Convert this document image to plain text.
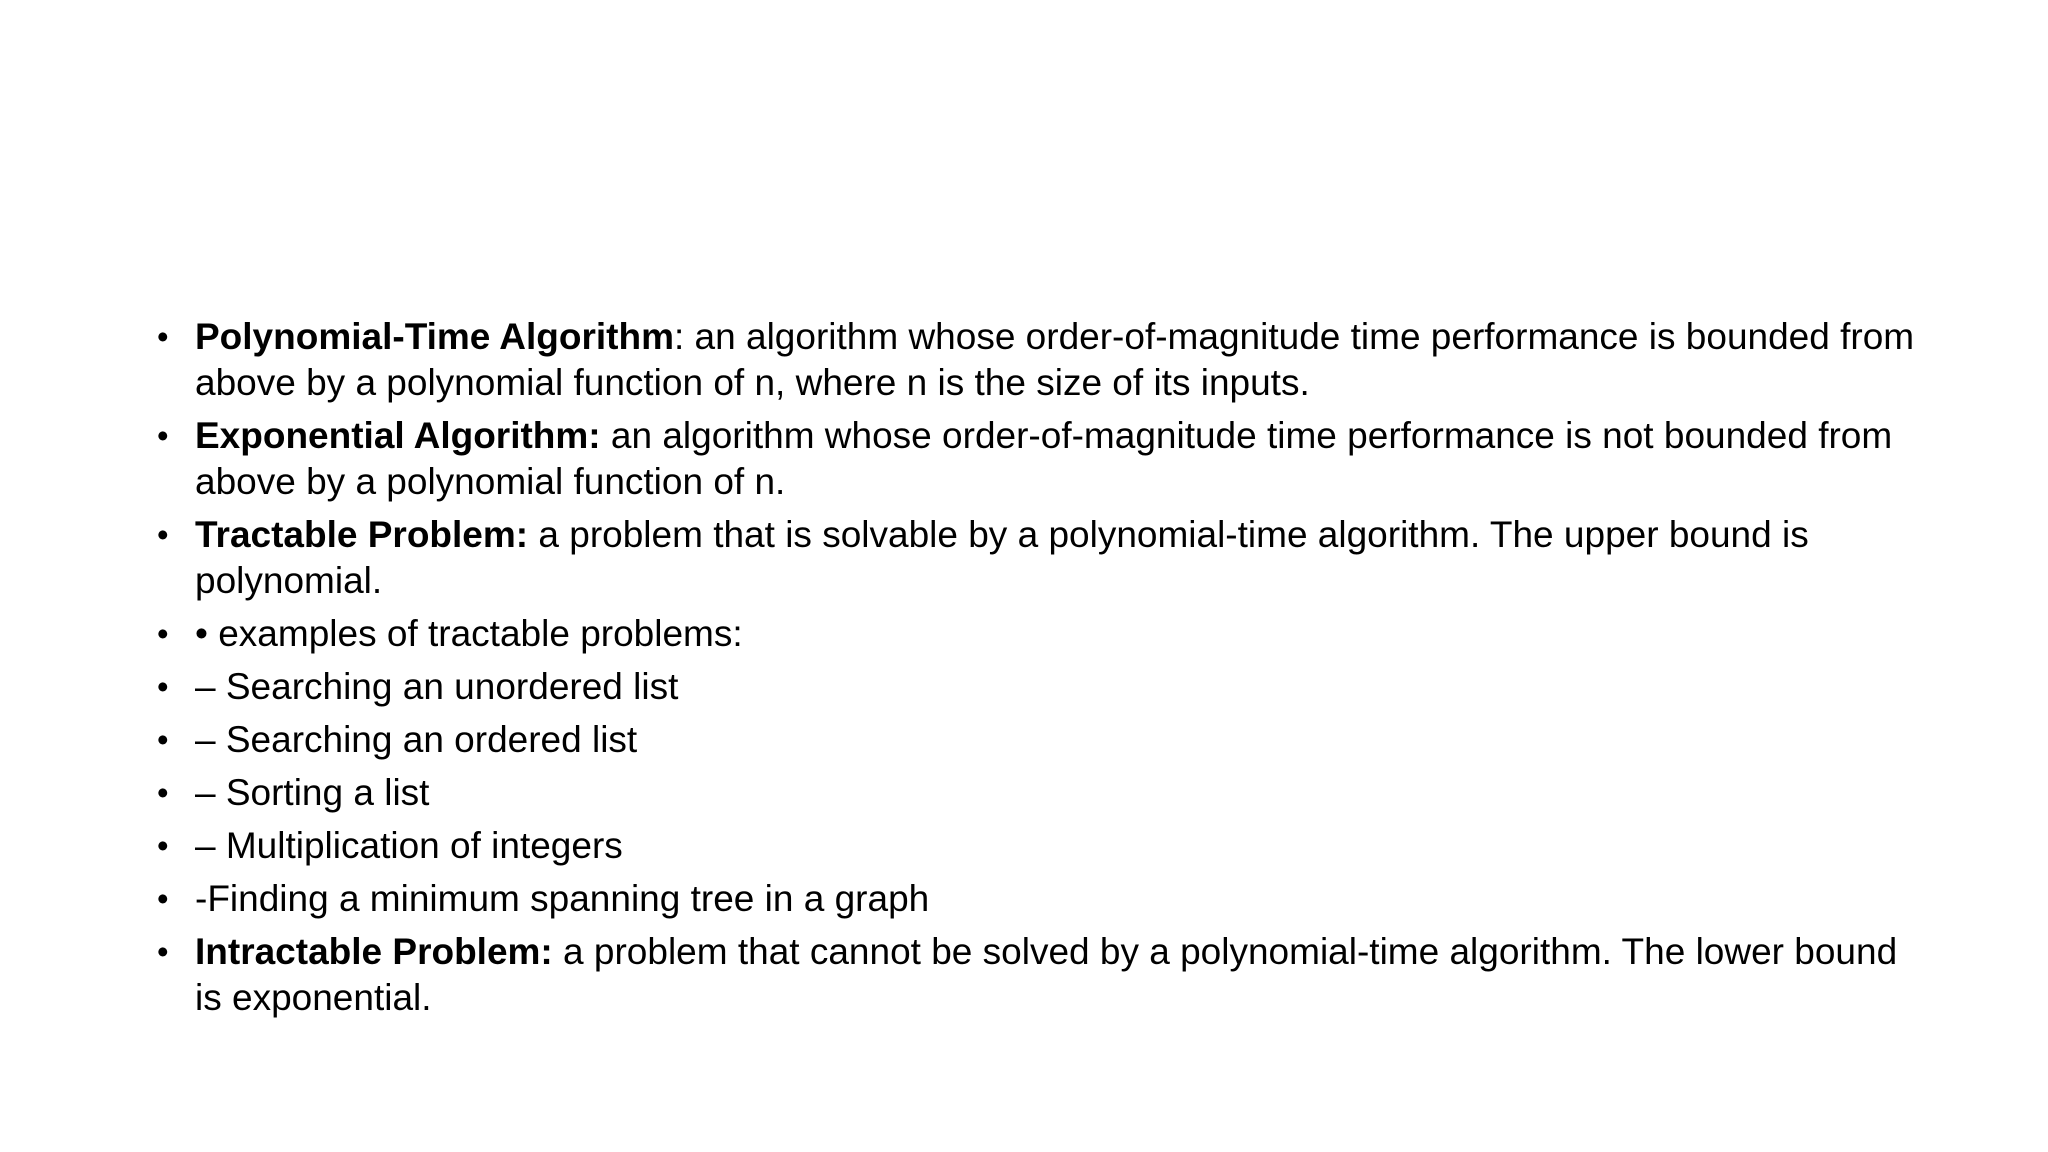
• Polynomial-Time Algorithm: an algorithm whose order-of-magnitude time performance is bounded from above by a polynomial function of n, where n is the size of its inputs.
• Exponential Algorithm: an algorithm whose order-of-magnitude time performance is not bounded from above by a polynomial function of n.
• Tractable Problem: a problem that is solvable by a polynomial-time algorithm. The upper bound is polynomial.
• • examples of tractable problems:
• – Searching an unordered list
• – Searching an ordered list
• – Sorting a list
• – Multiplication of integers
• -Finding a minimum spanning tree in a graph
• Intractable Problem: a problem that cannot be solved by a polynomial-time algorithm. The lower bound is exponential.
